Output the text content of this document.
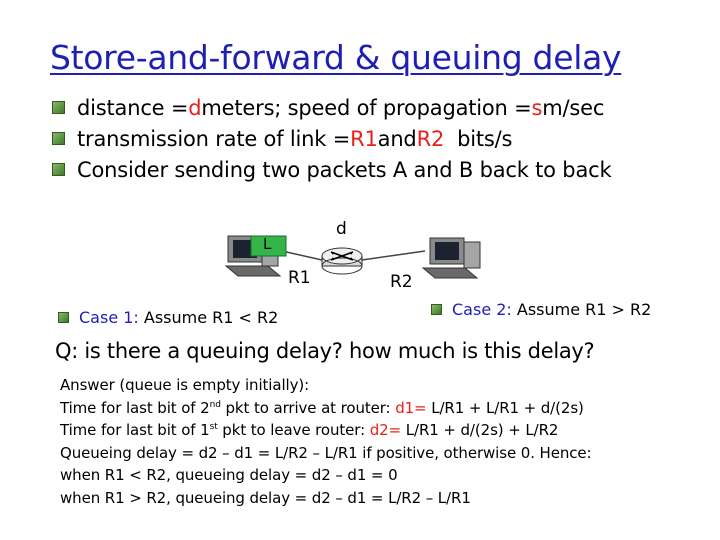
Store-and-forward & queuing delay
distance = d meters; speed of propagation = s m/sec
transmission rate of link = R1 and R2 bits/s
Consider sending two packets A and B back to back
L
d
R1	R2
Case 1: Assume R1 < R2	Case 2: Assume R1 > R2
Q: is there a queuing delay? how much is this delay?
Answer (queue is empty initially):
Time for last bit of 2nd pkt to arrive at router: d1= L/R1 + L/R1 + d/(2s)
Time for last bit of 1st pkt to leave router: d2= L/R1 + d/(2s) + L/R2
Queueing delay = d2 – d1 = L/R2 – L/R1 if positive, otherwise 0. Hence:
when R1 < R2, queueing delay = d2 – d1 = 0
when R1 > R2, queueing delay = d2 – d1 = L/R2 – L/R1
